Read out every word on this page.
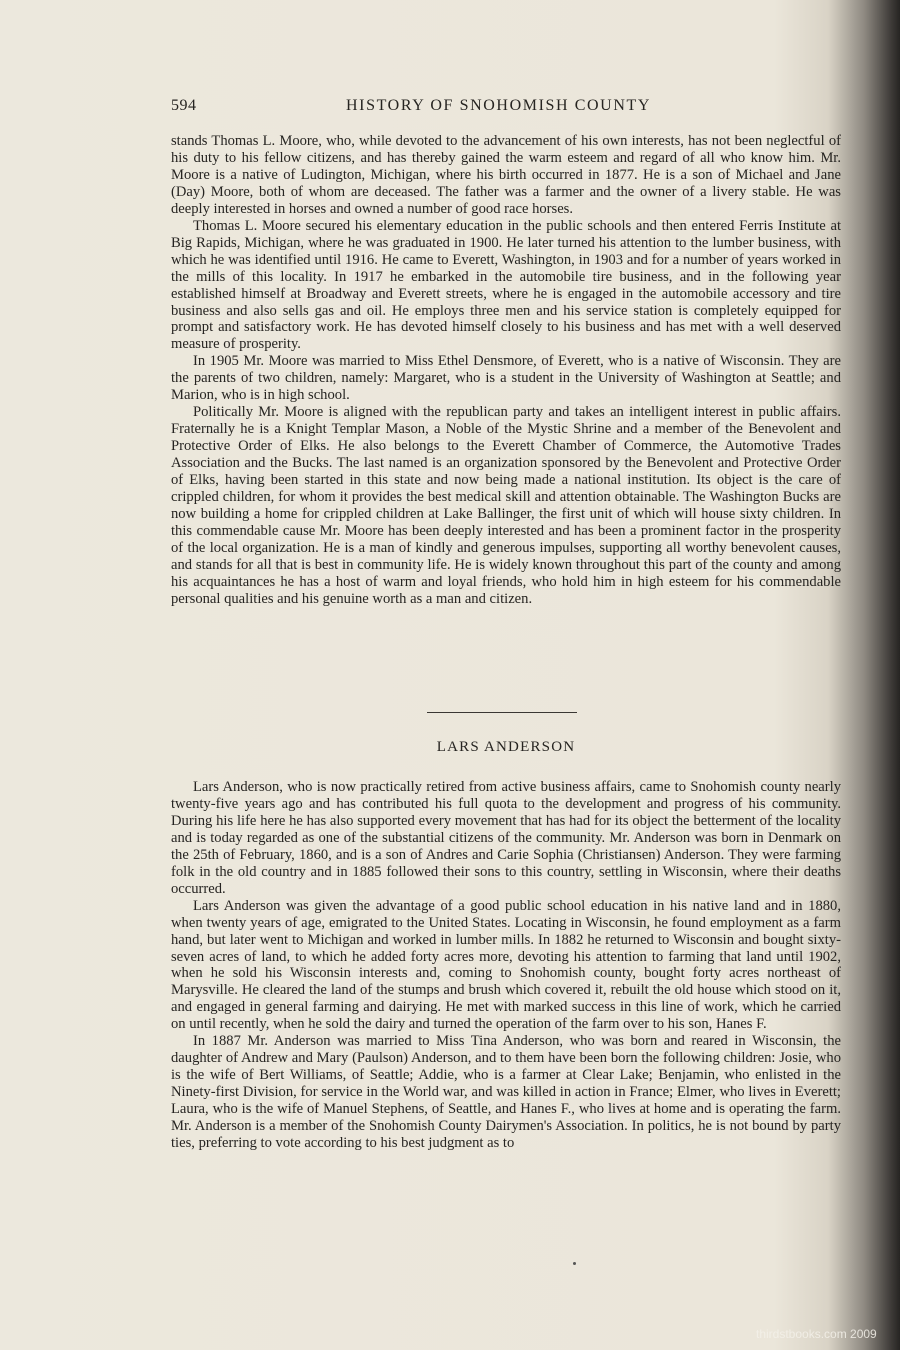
594	HISTORY OF SNOHOMISH COUNTY

stands Thomas L. Moore, who, while devoted to the advancement of his own interests, has not been neglectful of his duty to his fellow citizens, and has thereby gained the warm esteem and regard of all who know him. Mr. Moore is a native of Ludington, Michigan, where his birth occurred in 1877. He is a son of Michael and Jane (Day) Moore, both of whom are deceased. The father was a farmer and the owner of a livery stable. He was deeply interested in horses and owned a number of good race horses.

Thomas L. Moore secured his elementary education in the public schools and then entered Ferris Institute at Big Rapids, Michigan, where he was graduated in 1900. He later turned his attention to the lumber business, with which he was identified until 1916. He came to Everett, Washington, in 1903 and for a number of years worked in the mills of this locality. In 1917 he embarked in the automobile tire business, and in the following year established himself at Broadway and Everett streets, where he is engaged in the automobile accessory and tire business and also sells gas and oil. He employs three men and his service station is completely equipped for prompt and satisfactory work. He has devoted himself closely to his business and has met with a well deserved measure of prosperity.

In 1905 Mr. Moore was married to Miss Ethel Densmore, of Everett, who is a native of Wisconsin. They are the parents of two children, namely: Margaret, who is a student in the University of Washington at Seattle; and Marion, who is in high school.

Politically Mr. Moore is aligned with the republican party and takes an intelligent interest in public affairs. Fraternally he is a Knight Templar Mason, a Noble of the Mystic Shrine and a member of the Benevolent and Protective Order of Elks. He also belongs to the Everett Chamber of Commerce, the Automotive Trades Association and the Bucks. The last named is an organization sponsored by the Benevolent and Protective Order of Elks, having been started in this state and now being made a national institution. Its object is the care of crippled children, for whom it provides the best medical skill and attention obtainable. The Washington Bucks are now building a home for crippled children at Lake Ballinger, the first unit of which will house sixty children. In this commendable cause Mr. Moore has been deeply interested and has been a prominent factor in the prosperity of the local organization. He is a man of kindly and generous impulses, supporting all worthy benevolent causes, and stands for all that is best in community life. He is widely known throughout this part of the county and among his acquaintances he has a host of warm and loyal friends, who hold him in high esteem for his commendable personal qualities and his genuine worth as a man and citizen.

LARS ANDERSON

Lars Anderson, who is now practically retired from active business affairs, came to Snohomish county nearly twenty-five years ago and has contributed his full quota to the development and progress of his community. During his life here he has also supported every movement that has had for its object the betterment of the locality and is today regarded as one of the substantial citizens of the community. Mr. Anderson was born in Denmark on the 25th of February, 1860, and is a son of Andres and Carie Sophia (Christiansen) Anderson. They were farming folk in the old country and in 1885 followed their sons to this country, settling in Wisconsin, where their deaths occurred.

Lars Anderson was given the advantage of a good public school education in his native land and in 1880, when twenty years of age, emigrated to the United States. Locating in Wisconsin, he found employment as a farm hand, but later went to Michigan and worked in lumber mills. In 1882 he returned to Wisconsin and bought sixty-seven acres of land, to which he added forty acres more, devoting his attention to farming that land until 1902, when he sold his Wisconsin interests and, coming to Snohomish county, bought forty acres northeast of Marysville. He cleared the land of the stumps and brush which covered it, rebuilt the old house which stood on it, and engaged in general farming and dairying. He met with marked success in this line of work, which he carried on until recently, when he sold the dairy and turned the operation of the farm over to his son, Hanes F.

In 1887 Mr. Anderson was married to Miss Tina Anderson, who was born and reared in Wisconsin, the daughter of Andrew and Mary (Paulson) Anderson, and to them have been born the following children: Josie, who is the wife of Bert Williams, of Seattle; Addie, who is a farmer at Clear Lake; Benjamin, who enlisted in the Ninety-first Division, for service in the World war, and was killed in action in France; Elmer, who lives in Everett; Laura, who is the wife of Manuel Stephens, of Seattle, and Hanes F., who lives at home and is operating the farm. Mr. Anderson is a member of the Snohomish County Dairymen's Association. In politics, he is not bound by party ties, preferring to vote according to his best judgment as to

thirdstbooks.com 2009
